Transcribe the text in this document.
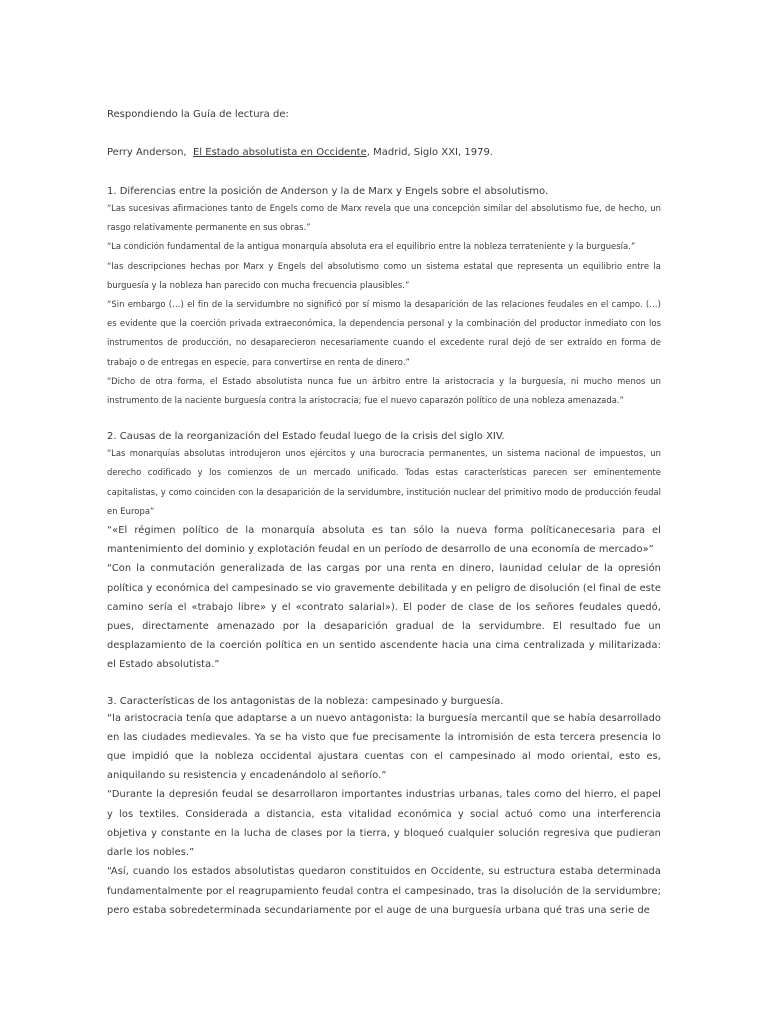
Respondiendo la Guía de lectura de:

Perry Anderson, El Estado absolutista en Occidente, Madrid, Siglo XXI, 1979.

1. Diferencias entre la posición de Anderson y la de Marx y Engels sobre el absolutismo.

“Las sucesivas afirmaciones tanto de Engels como de Marx revela que una concepción similar del absolutismo fue, de hecho, un rasgo relativamente permanente en sus obras.”

“La condición fundamental de la antigua monarquía absoluta era el equilibrio entre la nobleza terrateniente y la burguesía.”

“las descripciones hechas por Marx y Engels del absolutismo como un sistema estatal que representa un equilibrio entre la burguesía y la nobleza han parecido con mucha frecuencia plausibles.”

“Sin embargo (…) el fin de la servidumbre no significó por sí mismo la desaparición de las relaciones feudales en el campo. (…) es evidente que la coerción privada extraeconómica, la dependencia personal y la combinación del productor inmediato con los instrumentos de producción, no desaparecieron necesariamente cuando el excedente rural dejó de ser extraído en forma de trabajo o de entregas en especie, para convertirse en renta de dinero.”

“Dicho de otra forma, el Estado absolutista nunca fue un árbitro entre la aristocracia y la burguesía, ni mucho menos un instrumento de la naciente burguesía contra la aristocracia; fue el nuevo caparazón político de una nobleza amenazada.”

2. Causas de la reorganización del Estado feudal luego de la crisis del siglo XIV.

“Las monarquías absolutas introdujeron unos ejércitos y una burocracia permanentes, un sistema nacional de impuestos, un derecho codificado y los comienzos de un mercado unificado. Todas estas características parecen ser eminentemente capitalistas, y como coinciden con la desaparición de la servidumbre, institución nuclear del primitivo modo de producción feudal en Europa”

“«El régimen político de la monarquía absoluta es tan sólo la nueva forma políticanecesaria para el mantenimiento del dominio y explotación feudal en un período de desarrollo de una economía de mercado»”

“Con la conmutación generalizada de las cargas por una renta en dinero, launidad celular de la opresión política y económica del campesinado se vio gravemente debilitada y en peligro de disolución (el final de este camino sería el «trabajo libre» y el «contrato salarial»). El poder de clase de los señores feudales quedó, pues, directamente amenazado por la desaparición gradual de la servidumbre. El resultado fue un desplazamiento de la coerción política en un sentido ascendente hacia una cima centralizada y militarizada: el Estado absolutista.”

3. Características de los antagonistas de la nobleza: campesinado y burguesía.

“la aristocracia tenía que adaptarse a un nuevo antagonista: la burguesía mercantil que se había desarrollado en las ciudades medievales. Ya se ha visto que fue precisamente la intromisión de esta tercera presencia lo que impidió que la nobleza occidental ajustara cuentas con el campesinado al modo oriental, esto es, aniquilando su resistencia y encadenándolo al señorío.”

“Durante la depresión feudal se desarrollaron importantes industrias urbanas, tales como del hierro, el papel y los textiles. Considerada a distancia, esta vitalidad económica y social actuó como una interferencia objetiva y constante en la lucha de clases por la tierra, y bloqueó cualquier solución regresiva que pudieran darle los nobles.”

“Así, cuando los estados absolutistas quedaron constituidos en Occidente, su estructura estaba determinada fundamentalmente por el reagrupamiento feudal contra el campesinado, tras la disolución de la servidumbre; pero estaba sobredeterminada secundariamente por el auge de una burguesía urbana qué tras una serie de
